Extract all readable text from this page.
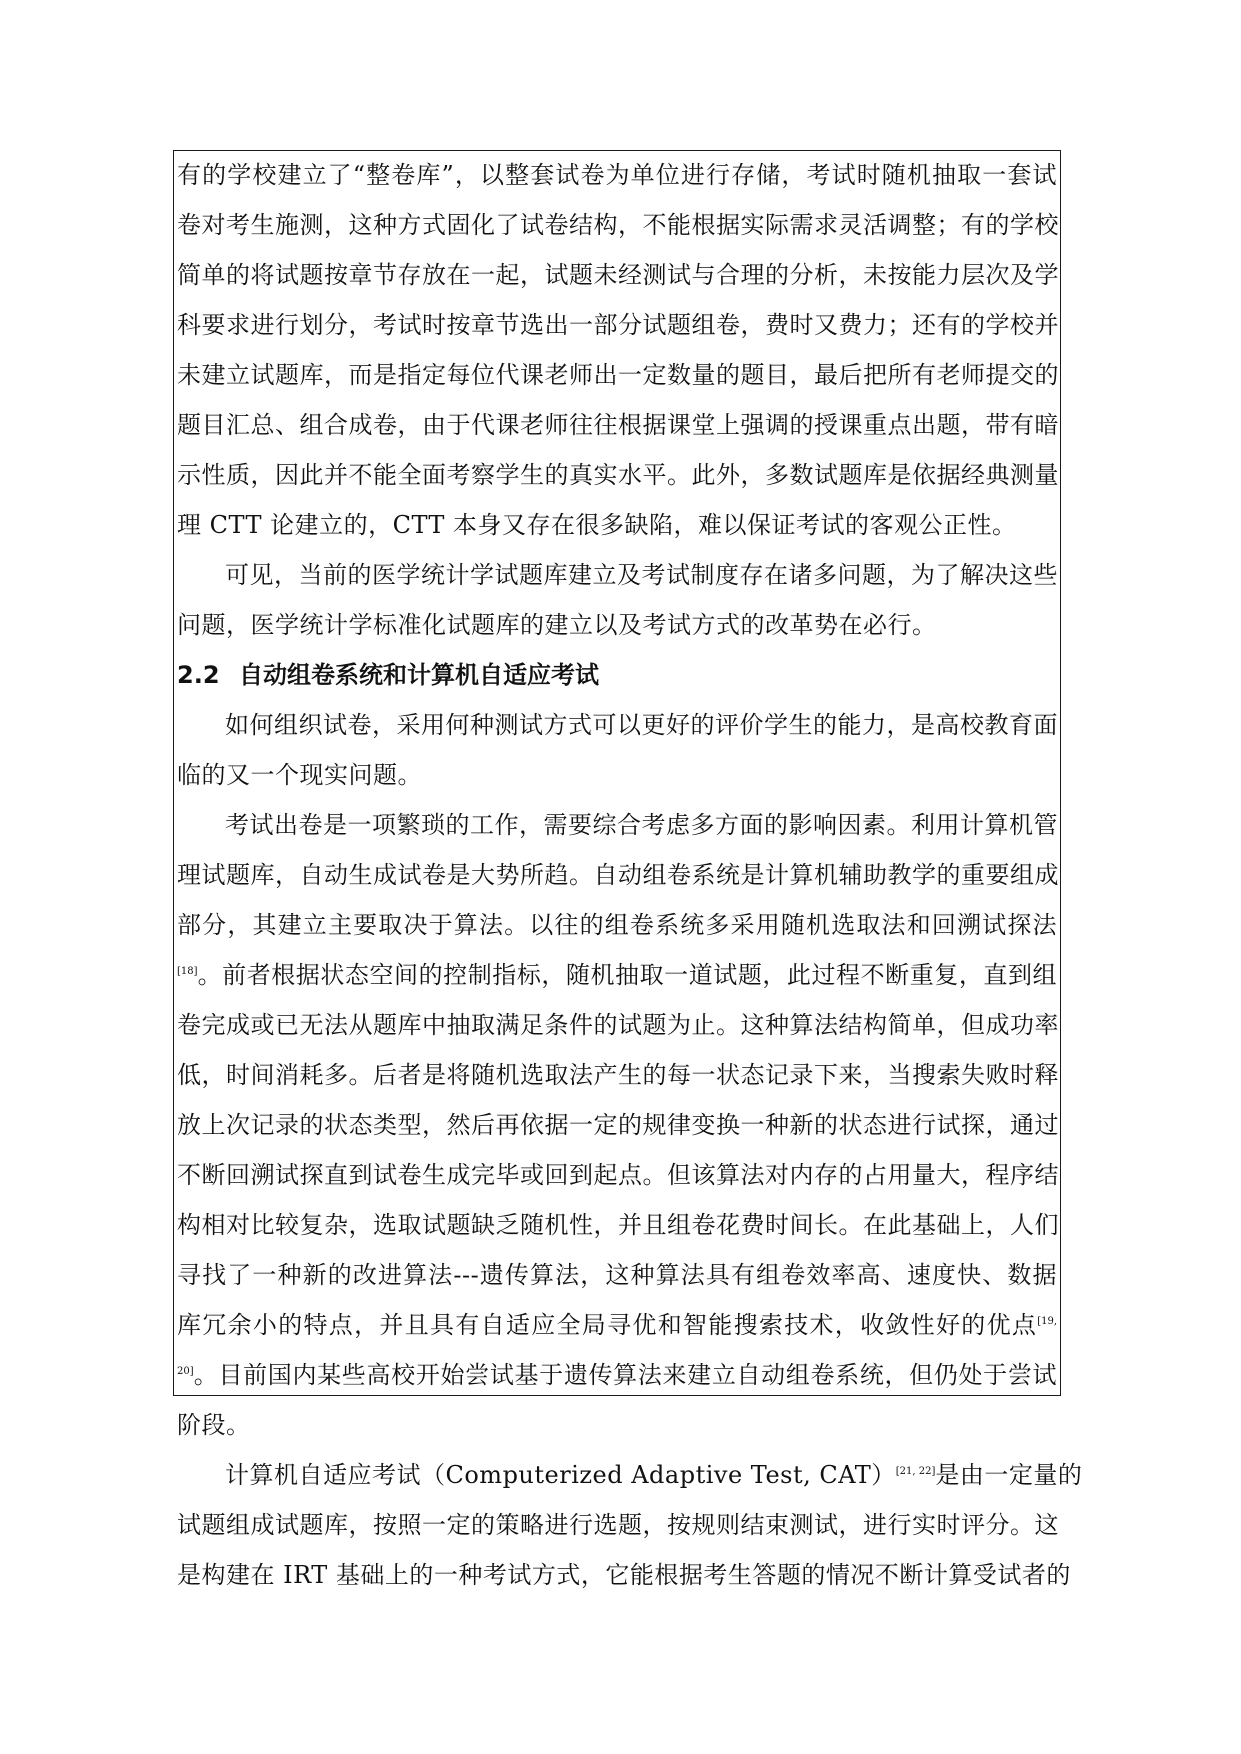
有的学校建立了“整卷库”，以整套试卷为单位进行存储，考试时随机抽取一套试
卷对考生施测，这种方式固化了试卷结构，不能根据实际需求灵活调整；有的学校
简单的将试题按章节存放在一起，试题未经测试与合理的分析，未按能力层次及学
科要求进行划分，考试时按章节选出一部分试题组卷，费时又费力；还有的学校并
未建立试题库，而是指定每位代课老师出一定数量的题目，最后把所有老师提交的
题目汇总、组合成卷，由于代课老师往往根据课堂上强调的授课重点出题，带有暗
示性质，因此并不能全面考察学生的真实水平。此外，多数试题库是依据经典测量
理 CTT 论建立的，CTT 本身又存在很多缺陷，难以保证考试的客观公正性。
可见，当前的医学统计学试题库建立及考试制度存在诸多问题，为了解决这些
问题，医学统计学标准化试题库的建立以及考试方式的改革势在必行。
2.2 自动组卷系统和计算机自适应考试
如何组织试卷，采用何种测试方式可以更好的评价学生的能力，是高校教育面
临的又一个现实问题。
考试出卷是一项繁琐的工作，需要综合考虑多方面的影响因素。利用计算机管
理试题库，自动生成试卷是大势所趋。自动组卷系统是计算机辅助教学的重要组成
部分，其建立主要取决于算法。以往的组卷系统多采用随机选取法和回溯试探法
[18]。前者根据状态空间的控制指标，随机抽取一道试题，此过程不断重复，直到组
卷完成或已无法从题库中抽取满足条件的试题为止。这种算法结构简单，但成功率
低，时间消耗多。后者是将随机选取法产生的每一状态记录下来，当搜索失败时释
放上次记录的状态类型，然后再依据一定的规律变换一种新的状态进行试探，通过
不断回溯试探直到试卷生成完毕或回到起点。但该算法对内存的占用量大，程序结
构相对比较复杂，选取试题缺乏随机性，并且组卷花费时间长。在此基础上，人们
寻找了一种新的改进算法---遗传算法，这种算法具有组卷效率高、速度快、数据
库冗余小的特点，并且具有自适应全局寻优和智能搜索技术，收敛性好的优点$^{[19,}$
$^{20]}$。目前国内某些高校开始尝试基于遗传算法来建立自动组卷系统，但仍处于尝试
阶段。
计算机自适应考试（Computerized Adaptive Test, CAT）[21, 22]是由一定量的
试题组成试题库，按照一定的策略进行选题，按规则结束测试，进行实时评分。这
是构建在 IRT 基础上的一种考试方式，它能根据考生答题的情况不断计算受试者的
